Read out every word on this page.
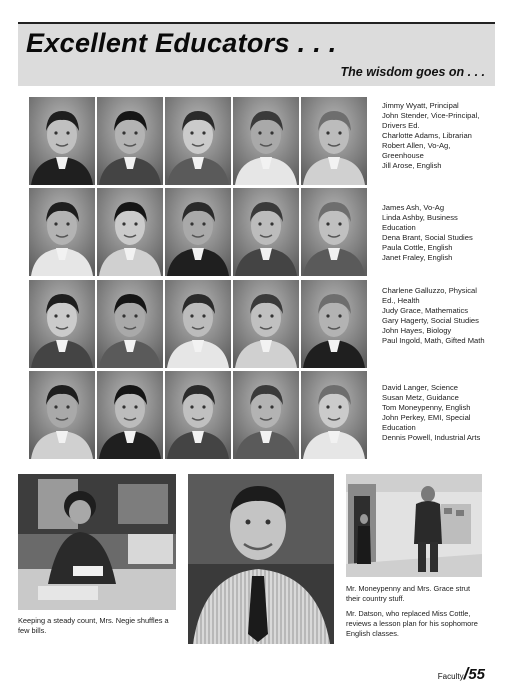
Excellent Educators . . .
The wisdom goes on . . .
Jimmy Wyatt, Principal
John Stender, Vice-Principal, Drivers Ed.
Charlotte Adams, Librarian
Robert Allen, Vo-Ag, Greenhouse
Jill Arose, English
James Ash, Vo-Ag
Linda Ashby, Business Education
Dena Brant, Social Studies
Paula Cottle, English
Janet Fraley, English
Charlene Galluzzo, Physical Ed., Health
Judy Grace, Mathematics
Gary Hagerty, Social Studies
John Hayes, Biology
Paul Ingold, Math, Gifted Math
David Langer, Science
Susan Metz, Guidance
Tom Moneypenny, English
John Perkey, EMI, Special Education
Dennis Powell, Industrial Arts
Keeping a steady count, Mrs. Negie shuffles a few bills.
Mr. Moneypenny and Mrs. Grace strut their country stuff.
Mr. Datson, who replaced Miss Cottle, reviews a lesson plan for his sophomore English classes.
Faculty/55
